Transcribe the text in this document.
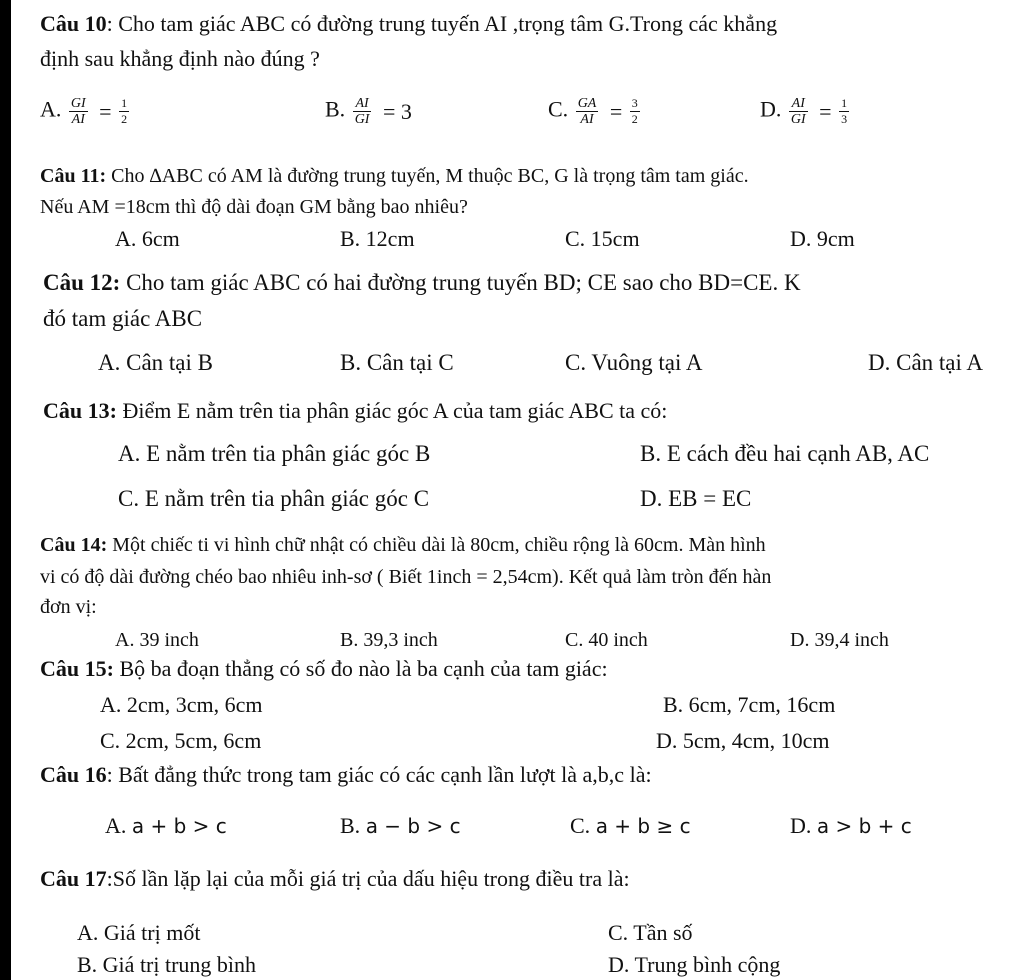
Câu 10: Cho tam giác ABC có đường trung tuyến AI ,trọng tâm G.Trong các khẳng
định sau khẳng định nào đúng ?
A. $\frac{GI}{AI} = \frac{1}{2}$	B. $\frac{AI}{GI} = 3$	C. $\frac{GA}{AI} = \frac{3}{2}$	D. $\frac{AI}{GI} = \frac{1}{3}$
Câu 11: Cho ∆ABC có AM là đường trung tuyến, M thuộc BC, G là trọng tâm tam giác.
Nếu AM =18cm thì độ dài đoạn GM bằng bao nhiêu?
A. 6cm	B. 12cm	C. 15cm	D. 9cm
Câu 12: Cho tam giác ABC có hai đường trung tuyến BD; CE sao cho BD=CE. K
đó tam giác ABC
A. Cân tại B	B. Cân tại C	C. Vuông tại A	D. Cân tại A
Câu 13: Điểm E nằm trên tia phân giác góc A của tam giác ABC ta có:
A. E nằm trên tia phân giác góc B	B. E cách đều hai cạnh AB, AC
C. E nằm trên tia phân giác góc C	D. EB = EC
Câu 14: Một chiếc ti vi hình chữ nhật có chiều dài là 80cm, chiều rộng là 60cm. Màn hình
vi có độ dài đường chéo bao nhiêu inh-sơ ( Biết 1inch = 2,54cm). Kết quả làm tròn đến hàn
đơn vị:
A. 39 inch	B. 39,3 inch	C. 40 inch	D. 39,4 inch
Câu 15: Bộ ba đoạn thẳng có số đo nào là ba cạnh của tam giác:
A. 2cm, 3cm, 6cm	B. 6cm, 7cm, 16cm
C. 2cm, 5cm, 6cm	D. 5cm, 4cm, 10cm
Câu 16: Bất đẳng thức trong tam giác có các cạnh lần lượt là a,b,c là:
A. a + b > c	B. a − b > c	C. a + b ≥ c	D. a > b + c
Câu 17:Số lần lặp lại của mỗi giá trị của dấu hiệu trong điều tra là:
A. Giá trị mốt	C. Tần số
B. Giá trị trung bình	D. Trung bình cộng
